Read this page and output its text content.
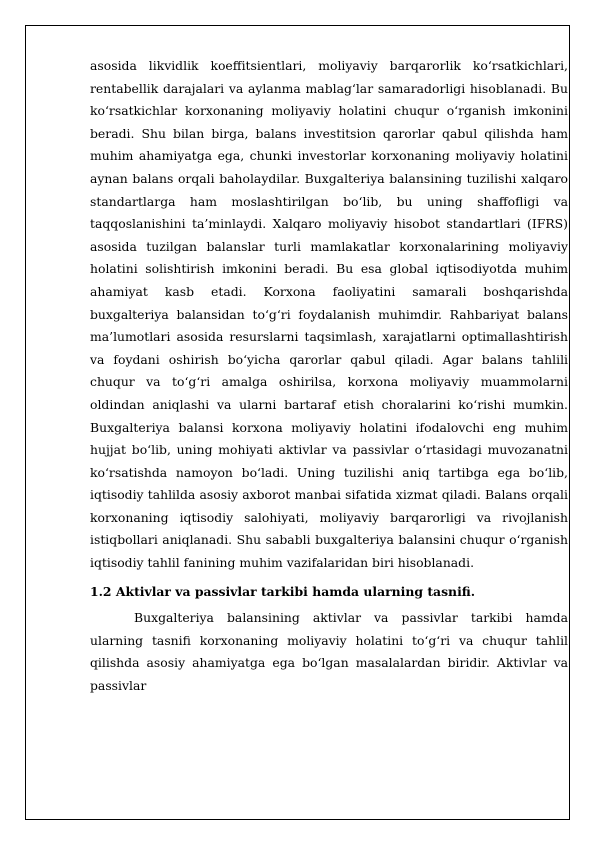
asosida likvidlik koeffitsientlari, moliyaviy barqarorlik ko‘rsatkichlari, rentabellik darajalari va aylanma mablag‘lar samaradorligi hisoblanadi. Bu ko‘rsatkichlar korxonaning moliyaviy holatini chuqur o‘rganish imkonini beradi. Shu bilan birga, balans investitsion qarorlar qabul qilishda ham muhim ahamiyatga ega, chunki investorlar korxonaning moliyaviy holatini aynan balans orqali baholaydilar. Buxgalteriya balansining tuzilishi xalqaro standartlarga ham moslashtirilgan bo‘lib, bu uning shaffofligi va taqqoslanishini ta’minlaydi. Xalqaro moliyaviy hisobot standartlari (IFRS) asosida tuzilgan balanslar turli mamlakatlar korxonalarining moliyaviy holatini solishtirish imkonini beradi. Bu esa global iqtisodiyotda muhim ahamiyat kasb etadi. Korxona faoliyatini samarali boshqarishda buxgalteriya balansidan to‘g‘ri foydalanish muhimdir. Rahbariyat balans ma’lumotlari asosida resurslarni taqsimlash, xarajatlarni optimallashtirish va foydani oshirish bo‘yicha qarorlar qabul qiladi. Agar balans tahlili chuqur va to‘g‘ri amalga oshirilsa, korxona moliyaviy muammolarni oldindan aniqlashi va ularni bartaraf etish choralarini ko‘rishi mumkin. Buxgalteriya balansi korxona moliyaviy holatini ifodalovchi eng muhim hujjat bo‘lib, uning mohiyati aktivlar va passivlar o‘rtasidagi muvozanatni ko‘rsatishda namoyon bo‘ladi. Uning tuzilishi aniq tartibga ega bo‘lib, iqtisodiy tahlilda asosiy axborot manbai sifatida xizmat qiladi. Balans orqali korxonaning iqtisodiy salohiyati, moliyaviy barqarorligi va rivojlanish istiqbollari aniqlanadi. Shu sababli buxgalteriya balansini chuqur o‘rganish iqtisodiy tahlil fanining muhim vazifalaridan biri hisoblanadi.

1.2 Aktivlar va passivlar tarkibi hamda ularning tasnifi.

Buxgalteriya balansining aktivlar va passivlar tarkibi hamda ularning tasnifi korxonaning moliyaviy holatini to‘g‘ri va chuqur tahlil qilishda asosiy ahamiyatga ega bo‘lgan masalalardan biridir. Aktivlar va passivlar
